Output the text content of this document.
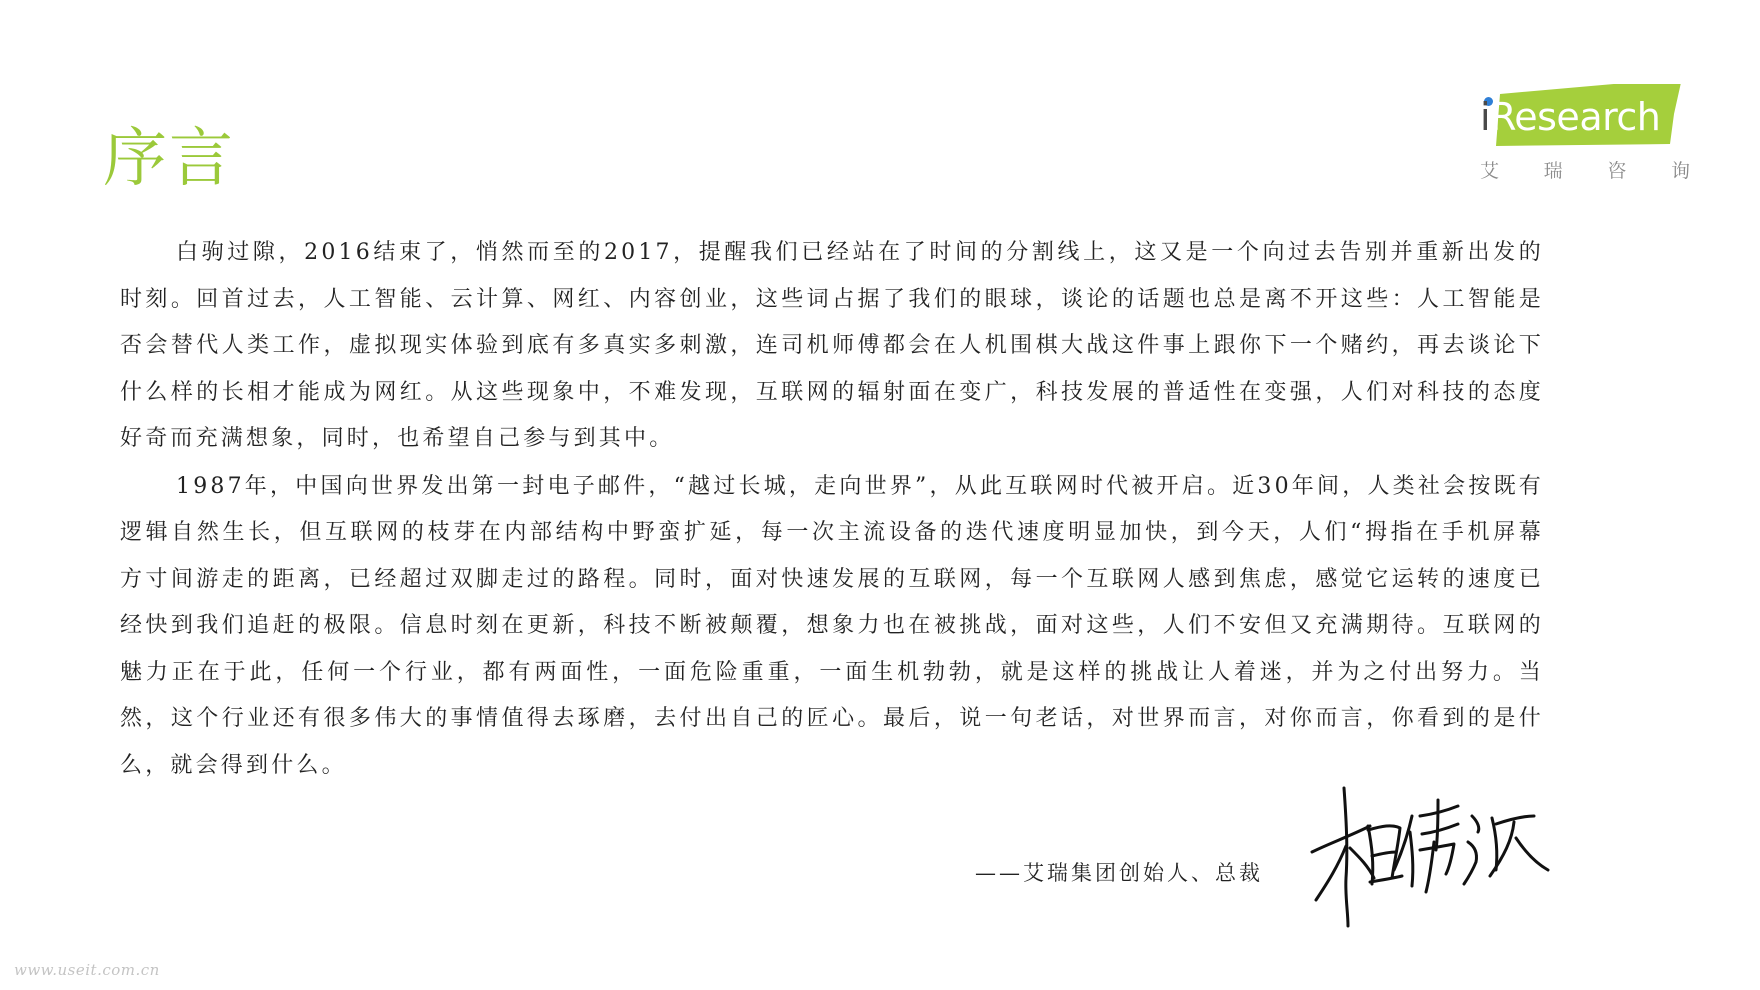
序言
iResearch
艾 瑞 咨 询

白驹过隙，2016结束了，悄然而至的2017，提醒我们已经站在了时间的分割线上，这又是一个向过去告别并重新出发的时刻。回首过去，人工智能、云计算、网红、内容创业，这些词占据了我们的眼球，谈论的话题也总是离不开这些：人工智能是否会替代人类工作，虚拟现实体验到底有多真实多刺激，连司机师傅都会在人机围棋大战这件事上跟你下一个赌约，再去谈论下什么样的长相才能成为网红。从这些现象中，不难发现，互联网的辐射面在变广，科技发展的普适性在变强，人们对科技的态度好奇而充满想象，同时，也希望自己参与到其中。

1987年，中国向世界发出第一封电子邮件，“越过长城，走向世界”，从此互联网时代被开启。近30年间，人类社会按既有逻辑自然生长，但互联网的枝芽在内部结构中野蛮扩延，每一次主流设备的迭代速度明显加快，到今天，人们“拇指在手机屏幕方寸间游走的距离，已经超过双脚走过的路程。同时，面对快速发展的互联网，每一个互联网人感到焦虑，感觉它运转的速度已经快到我们追赶的极限。信息时刻在更新，科技不断被颠覆，想象力也在被挑战，面对这些，人们不安但又充满期待。互联网的魅力正在于此，任何一个行业，都有两面性，一面危险重重，一面生机勃勃，就是这样的挑战让人着迷，并为之付出努力。当然，这个行业还有很多伟大的事情值得去琢磨，去付出自己的匠心。最后，说一句老话，对世界而言，对你而言，你看到的是什么，就会得到什么。

——艾瑞集团创始人、总裁
www.useit.com.cn
